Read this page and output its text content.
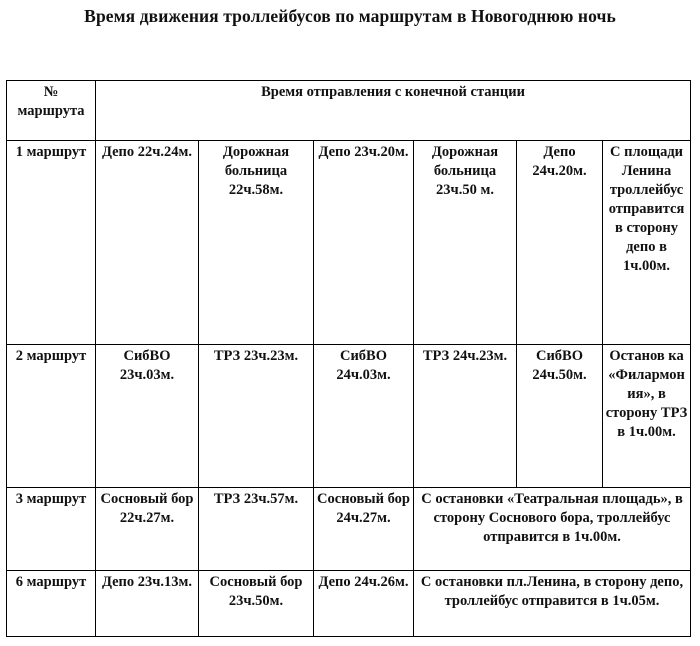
Время движения троллейбусов по маршрутам в Новогоднюю ночь
№ маршрута	Время отправления с конечной станции					
1 маршрут	Депо 22ч.24м.	Дорожная больница 22ч.58м.	Депо 23ч.20м.	Дорожная больница 23ч.50 м.	Депо 24ч.20м.	С площади Ленина троллейбус отправится в сторону депо в 1ч.00м.
2 маршрут	СибВО 23ч.03м.	ТРЗ 23ч.23м.	СибВО 24ч.03м.	ТРЗ 24ч.23м.	СибВО 24ч.50м.	Останов ка «Филармония», в сторону ТРЗ в 1ч.00м.
3 маршрут	Сосновый бор 22ч.27м.	ТРЗ 23ч.57м.	Сосновый бор 24ч.27м.	С остановки «Театральная площадь», в сторону Соснового бора, троллейбус отправится в 1ч.00м.		
6 маршрут	Депо 23ч.13м.	Сосновый бор 23ч.50м.	Депо 24ч.26м.	С остановки пл.Ленина, в сторону депо, троллейбус отправится в 1ч.05м.		
